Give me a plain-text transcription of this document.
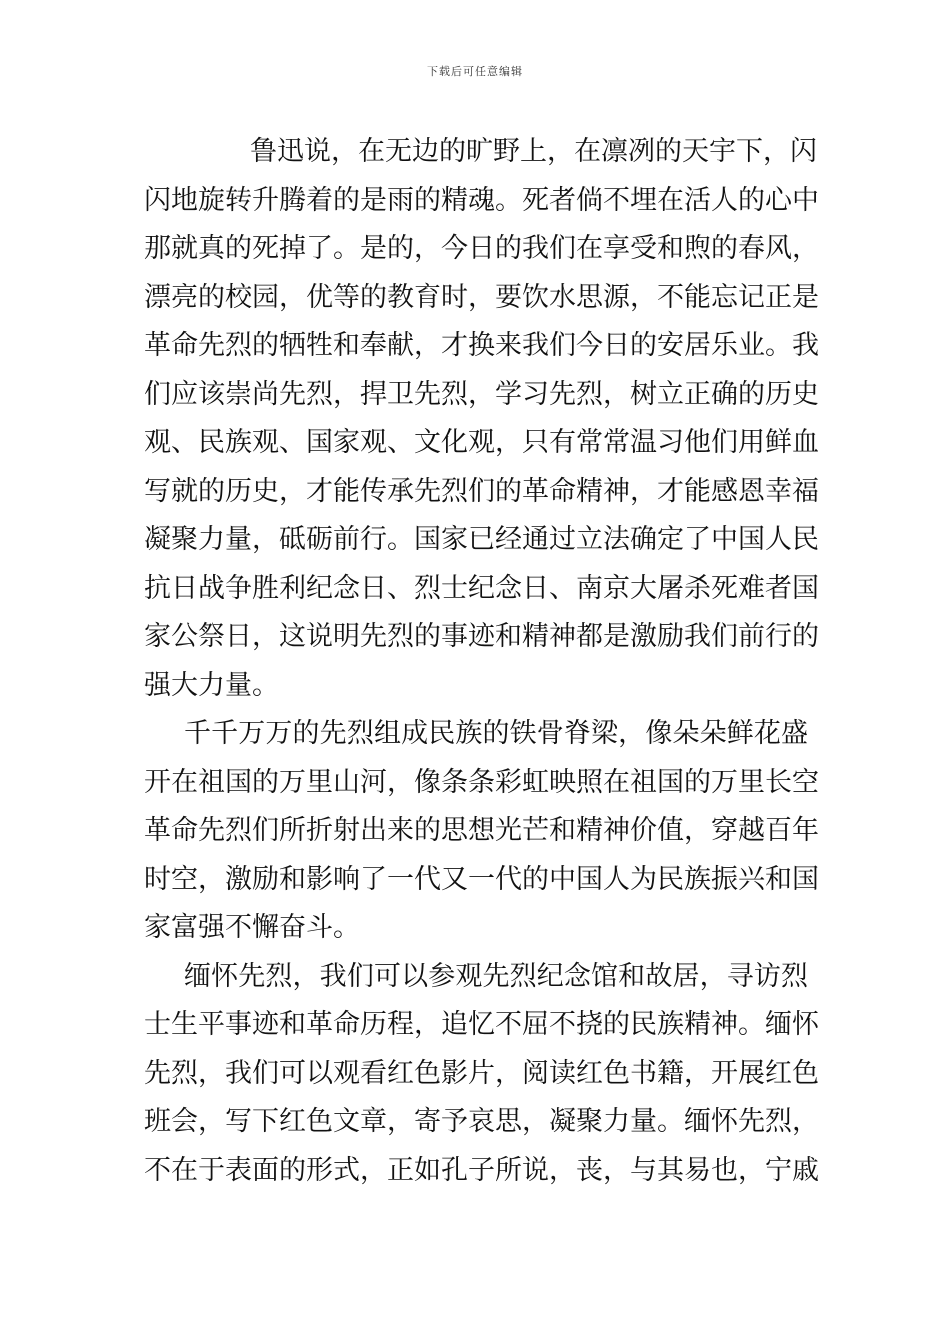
下载后可任意编辑
鲁迅说，在无边的旷野上，在凛冽的天宇下，闪
闪地旋转升腾着的是雨的精魂。死者倘不埋在活人的心中
那就真的死掉了。是的，今日的我们在享受和煦的春风，
漂亮的校园，优等的教育时，要饮水思源，不能忘记正是
革命先烈的牺牲和奉献，才换来我们今日的安居乐业。我
们应该崇尚先烈，捍卫先烈，学习先烈，树立正确的历史
观、民族观、国家观、文化观，只有常常温习他们用鲜血
写就的历史，才能传承先烈们的革命精神，才能感恩幸福
凝聚力量，砥砺前行。国家已经通过立法确定了中国人民
抗日战争胜利纪念日、烈士纪念日、南京大屠杀死难者国
家公祭日，这说明先烈的事迹和精神都是激励我们前行的
强大力量。
千千万万的先烈组成民族的铁骨脊梁，像朵朵鲜花盛
开在祖国的万里山河，像条条彩虹映照在祖国的万里长空
革命先烈们所折射出来的思想光芒和精神价值，穿越百年
时空，激励和影响了一代又一代的中国人为民族振兴和国
家富强不懈奋斗。
缅怀先烈，我们可以参观先烈纪念馆和故居，寻访烈
士生平事迹和革命历程，追忆不屈不挠的民族精神。缅怀
先烈，我们可以观看红色影片，阅读红色书籍，开展红色
班会，写下红色文章，寄予哀思，凝聚力量。缅怀先烈，
不在于表面的形式，正如孔子所说，丧，与其易也，宁戚
